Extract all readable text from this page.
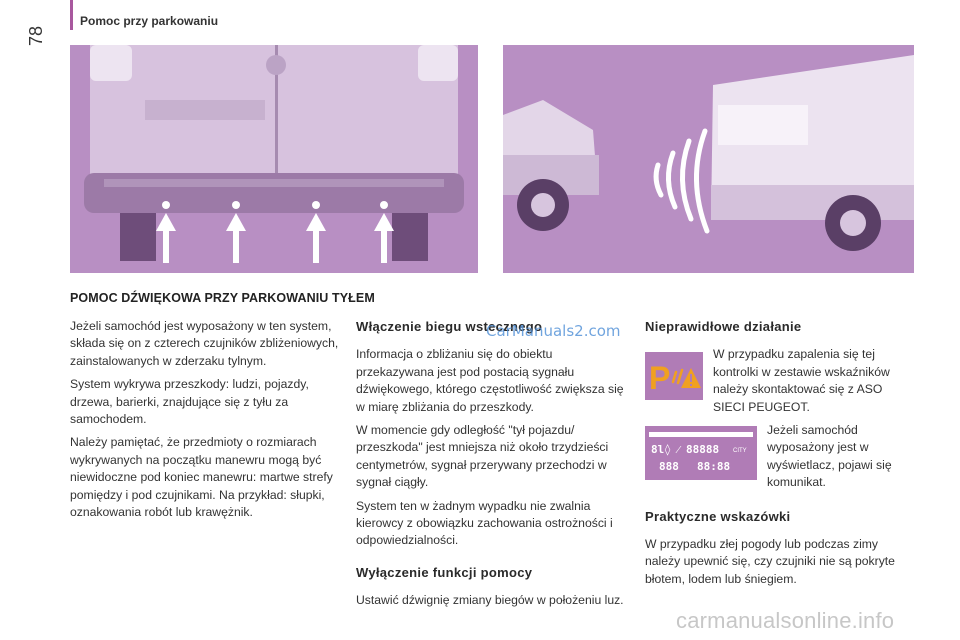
78
Pomoc przy parkowaniu
POMOC DŹWIĘKOWA PRZY PARKOWANIU TYŁEM

Jeżeli samochód jest wyposażony w ten system, składa się on z czterech czujników zbliżeniowych, zainstalowanych w zderzaku tylnym.

System wykrywa przeszkody: ludzi, pojazdy, drzewa, barierki, znajdujące się z tyłu za samochodem.

Należy pamiętać, że przedmioty o rozmiarach wykrywanych na początku manewru mogą być niewidoczne pod koniec manewru: martwe strefy pomiędzy i pod czujnikami. Na przykład: słupki, oznakowania robót lub krawężnik.

Włączenie biegu wstecznego

Informacja o zbliżaniu się do obiektu przekazywana jest pod postacią sygnału dźwiękowego, którego częstotliwość zwiększa się w miarę zbliżania do przeszkody.

W momencie gdy odległość "tył pojazdu/ przeszkoda" jest mniejsza niż około trzydzieści centymetrów, sygnał przerywany przechodzi w sygnał ciągły.

System ten w żadnym wypadku nie zwalnia kierowcy z obowiązku zachowania ostrożności i odpowiedzialności.

Wyłączenie funkcji pomocy

Ustawić dźwignię zmiany biegów w położeniu luz.

Nieprawidłowe działanie
P
W przypadku zapalenia się tej kontrolki w zestawie wskaźników należy skontaktować się z ASO SIECI PEUGEOT.
8l◊ ⁄ 88888
888 88:88
CITY
Jeżeli samochód wyposażony jest w wyświetlacz, pojawi się komunikat.
Praktyczne wskazówki

W przypadku złej pogody lub podczas zimy należy upewnić się, czy czujniki nie są pokryte błotem, lodem lub śniegiem.

CarManuals2.com
carmanualsonline.info
